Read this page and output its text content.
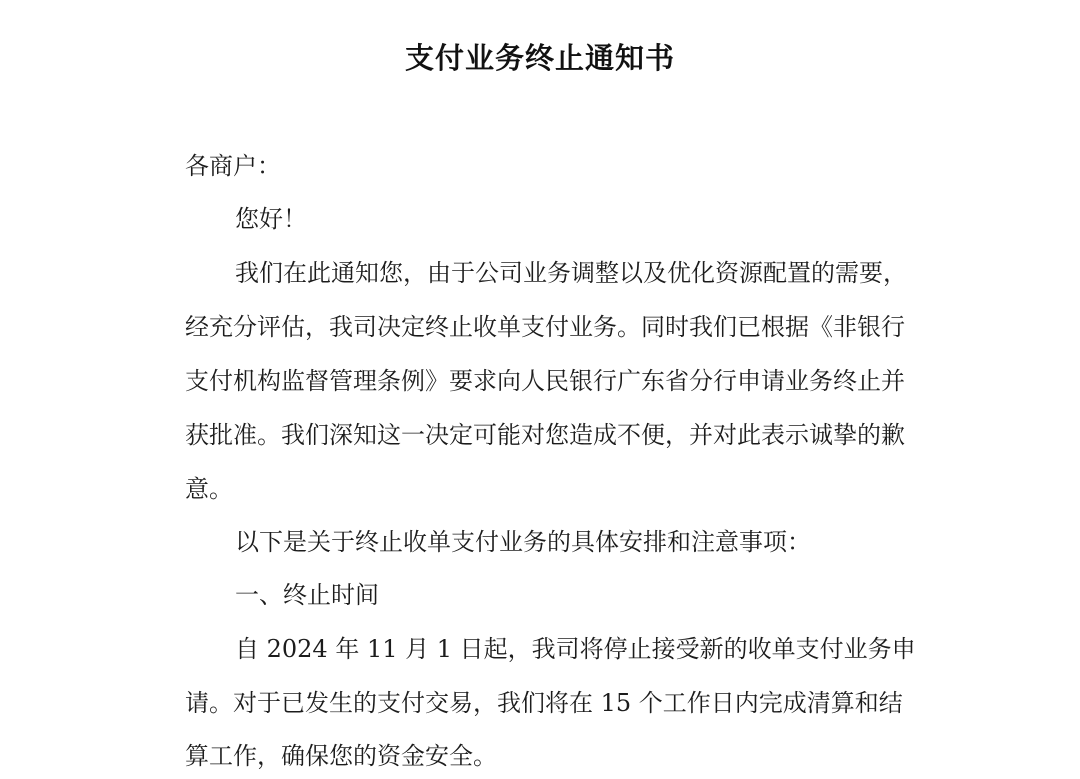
支付业务终止通知书
各商户：
您好！
我们在此通知您，由于公司业务调整以及优化资源配置的需要，
经充分评估，我司决定终止收单支付业务。同时我们已根据《非银行
支付机构监督管理条例》要求向人民银行广东省分行申请业务终止并
获批准。我们深知这一决定可能对您造成不便，并对此表示诚挚的歉
意。
以下是关于终止收单支付业务的具体安排和注意事项：
一、终止时间
自 2024 年 11 月 1 日起，我司将停止接受新的收单支付业务申
请。对于已发生的支付交易，我们将在 15 个工作日内完成清算和结
算工作，确保您的资金安全。
